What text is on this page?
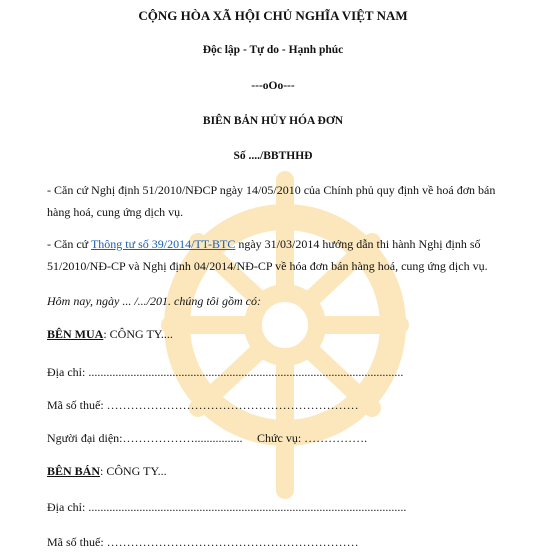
CỘNG HÒA XÃ HỘI CHỦ NGHĨA VIỆT NAM
Độc lập - Tự do - Hạnh phúc
---oOo---
BIÊN BẢN HỦY HÓA ĐƠN
Số ..../BBTHHĐ
- Căn cứ Nghị định 51/2010/NĐCP ngày 14/05/2010 của Chính phủ quy định về hoá đơn bán
hàng hoá, cung ứng dịch vụ.
- Căn cứ Thông tư số 39/2014/TT-BTC ngày 31/03/2014 hướng dẫn thi hành Nghị định số
51/2010/NĐ-CP và Nghị định 04/2014/NĐ-CP về hóa đơn bán hàng hoá, cung ứng dịch vụ.
Hôm nay, ngày ... /.../201. chúng tôi gồm có:
BÊN MUA: CÔNG TY....
Địa chỉ: .........................................................................................................
Mã số thuế: ………………………………………………………
Người đại diện:………………................ Chức vụ: …………….
BÊN BÁN: CÔNG TY...
Địa chỉ: ..........................................................................................................
Mã số thuế: ………………………………………………………
